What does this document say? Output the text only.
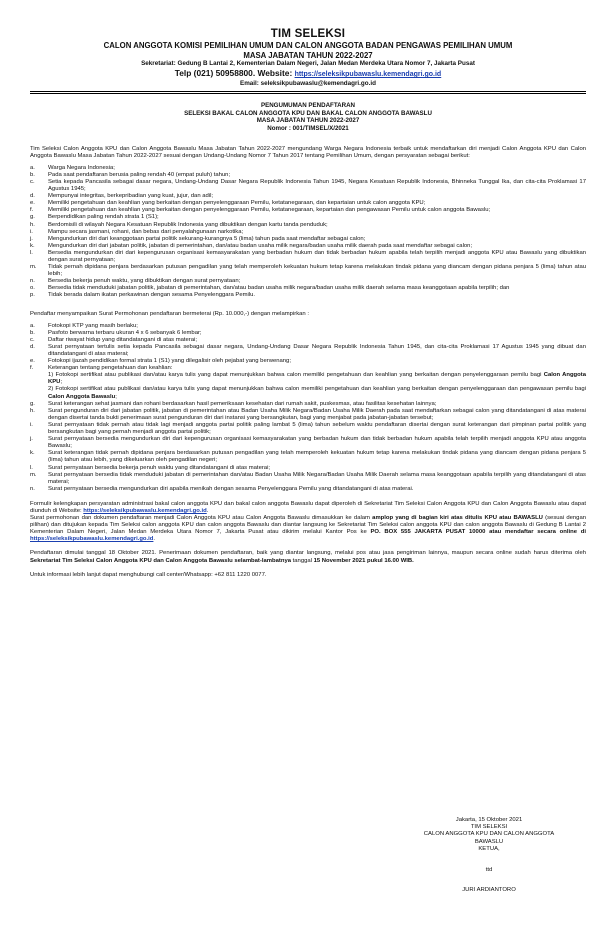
TIM SELEKSI
CALON ANGGOTA KOMISI PEMILIHAN UMUM DAN CALON ANGGOTA BADAN PENGAWAS PEMILIHAN UMUM
MASA JABATAN TAHUN 2022-2027
Sekretariat: Gedung B Lantai 2, Kementerian Dalam Negeri, Jalan Medan Merdeka Utara Nomor 7, Jakarta Pusat
Telp (021) 50958800. Website: https://seleksikpubawaslu.kemendagri.go.id
Email: seleksikpubawaslu@kemendagri.go.id
PENGUMUMAN PENDAFTARAN
SELEKSI BAKAL CALON ANGGOTA KPU DAN BAKAL CALON ANGGOTA BAWASLU
MASA JABATAN TAHUN 2022-2027
Nomor : 001/TIMSEL/X/2021
Tim Seleksi Calon Anggota KPU dan Calon Anggota Bawaslu Masa Jabatan Tahun 2022-2027 mengundang Warga Negara Indonesia terbaik untuk mendaftarkan diri menjadi Calon Anggota KPU dan Calon Anggota Bawaslu Masa Jabatan Tahun 2022-2027 sesuai dengan Undang-Undang Nomor 7 Tahun 2017 tentang Pemilihan Umum, dengan persyaratan sebagai berikut:
a.	Warga Negara Indonesia;
b.	Pada saat pendaftaran berusia paling rendah 40 (empat puluh) tahun;
c.	Setia kepada Pancasila sebagai dasar negara, Undang-Undang Dasar Negara Republik Indonesia Tahun 1945, Negara Kesatuan Republik Indonesia, Bhinneka Tunggal Ika, dan cita-cita Proklamasi 17 Agustus 1945;
d.	Mempunyai integritas, berkepribadian yang kuat, jujur, dan adil;
e.	Memiliki pengetahuan dan keahlian yang berkaitan dengan penyelenggaraan Pemilu, ketatanegaraan, dan kepartaian untuk calon anggota KPU;
f.	Memiliki pengetahuan dan keahlian yang berkaitan dengan penyelenggaraan Pemilu, ketatanegaraan, kepartaian dan pengawasan Pemilu untuk calon anggota Bawaslu;
g.	Berpendidikan paling rendah strata 1 (S1);
h.	Berdomisili di wilayah Negara Kesatuan Republik Indonesia yang dibuktikan dengan kartu tanda penduduk;
i.	Mampu secara jasmani, rohani, dan bebas dari penyalahgunaan narkotika;
j.	Mengundurkan diri dari keanggotaan partai politik sekurang-kurangnya 5 (lima) tahun pada saat mendaftar sebagai calon;
k.	Mengundurkan diri dari jabatan politik, jabatan di pemerintahan, dan/atau badan usaha milik negara/badan usaha milik daerah pada saat mendaftar sebagai calon;
l.	Bersedia mengundurkan diri dari kepengurusan organisasi kemasyarakatan yang berbadan hukum dan tidak berbadan hukum apabila telah terpilih menjadi anggota KPU atau Bawaslu yang dibuktikan dengan surat pernyataan;
m.	Tidak pernah dipidana penjara berdasarkan putusan pengadilan yang telah memperoleh kekuatan hukum tetap karena melakukan tindak pidana yang diancam dengan pidana penjara 5 (lima) tahun atau lebih;
n.	Bersedia bekerja penuh waktu, yang dibuktikan dengan surat pernyataan;
o.	Bersedia tidak menduduki jabatan politik, jabatan di pemerintahan, dan/atau badan usaha milik negara/badan usaha milik daerah selama masa keanggotaan apabila terpilih; dan
p.	Tidak berada dalam ikatan perkawinan dengan sesama Penyelenggara Pemilu.
Pendaftar menyampaikan Surat Permohonan pendaftaran bermeterai (Rp. 10.000,-) dengan melampirkan :
a.	Fotokopi KTP yang masih berlaku;
b.	Pasfoto berwarna terbaru ukuran 4 x 6 sebanyak 6 lembar;
c.	Daftar riwayat hidup yang ditandatangani di atas materai;
d.	Surat pernyataan tertulis setia kepada Pancasila sebagai dasar negara, Undang-Undang Dasar Negara Republik Indonesia Tahun 1945, dan cita-cita Proklamasi 17 Agustus 1945 yang dibuat dan ditandatangani di atas materai;
e.	Fotokopi ijazah pendidikan formal strata 1 (S1) yang dilegalisir oleh pejabat yang berwenang;
f.	Keterangan tentang pengetahuan dan keahlian:
1) Fotokopi sertifikat atau publikasi dan/atau karya tulis yang dapat menunjukkan bahwa calon memiliki pengetahuan dan keahlian yang berkaitan dengan penyelenggaraan pemilu bagi Calon Anggota KPU;
2) Fotokopi sertifikat atau publikasi dan/atau karya tulis yang dapat menunjukkan bahwa calon memiliki pengetahuan dan keahlian yang berkaitan dengan penyelenggaraan dan pengawasan pemilu bagi Calon Anggota Bawaslu;
g.	Surat keterangan sehat jasmani dan rohani berdasarkan hasil pemeriksaan kesehatan dari rumah sakit, puskesmas, atau fasilitas kesehatan lainnya;
h.	Surat pengunduran diri dari jabatan politik, jabatan di pemerintahan atau Badan Usaha Milik Negara/Badan Usaha Milik Daerah pada saat mendaftarkan sebagai calon yang ditandatangani di atas materai dengan disertai tanda bukti penerimaan surat pengunduran diri dari instansi yang bersangkutan, bagi yang menjabat pada jabatan-jabatan tersebut;
i.	Surat pernyataan tidak pernah atau tidak lagi menjadi anggota partai politik paling lambat 5 (lima) tahun sebelum waktu pendaftaran disertai dengan surat keterangan dari pimpinan partai politik yang bersangkutan bagi yang pernah menjadi anggota partai politik;
j.	Surat pernyataan bersedia mengundurkan diri dari kepengurusan organisasi kemasyarakatan yang berbadan hukum dan tidak berbadan hukum apabila telah terpilih menjadi anggota KPU atau anggota Bawaslu;
k.	Surat keterangan tidak pernah dipidana penjara berdasarkan putusan pengadilan yang telah memperoleh kekuatan hukum tetap karena melakukan tindak pidana yang diancam dengan pidana penjara 5 (lima) tahun atau lebih, yang dikeluarkan oleh pengadilan negeri;
l.	Surat pernyataan bersedia bekerja penuh waktu yang ditandatangani di atas materai;
m.	Surat pernyataan bersedia tidak menduduki jabatan di pemerintahan dan/atau Badan Usaha Milik Negara/Badan Usaha Milik Daerah selama masa keanggotaan apabila terpilih yang ditandatangani di atas materai;
n.	Surat pernyataan bersedia mengundurkan diri apabila menikah dengan sesama Penyelenggara Pemilu yang ditandatangani di atas materai.
Formulir kelengkapan persyaratan administrasi bakal calon anggota KPU dan bakal calon anggota Bawaslu dapat diperoleh di Sekretariat Tim Seleksi Calon Anggota KPU dan Calon Anggota Bawaslu atau dapat diunduh di Website: https://seleksikpubawaslu.kemendagri.go.id.
Surat permohonan dan dokumen pendaftaran menjadi Calon Anggota KPU atau Calon Anggota Bawaslu dimasukkan ke dalam amplop yang di bagian kiri atas ditulis KPU atau BAWASLU (sesuai dengan pilihan) dan ditujukan kepada Tim Seleksi calon anggota KPU dan calon anggota Bawaslu dan diantar langsung ke Sekretariat Tim Seleksi calon anggota KPU dan calon anggota Bawaslu di Gedung B Lantai 2 Kementerian Dalam Negeri, Jalan Medan Merdeka Utara Nomor 7, Jakarta Pusat atau dikirim melalui Kantor Pos ke PO. BOX 555 JAKARTA PUSAT 10000 atau mendaftar secara online di https://seleksikpubawaslu.kemendagri.go.id.
Pendaftaran dimulai tanggal 18 Oktober 2021. Penerimaan dokumen pendaftaran, baik yang diantar langsung, melalui pos atau jasa pengiriman lainnya, maupun secara online sudah harus diterima oleh Sekretariat Tim Seleksi Calon Anggota KPU dan Calon Anggota Bawaslu selambat-lambatnya tanggal 15 November 2021 pukul 16.00 WIB.
Untuk informasi lebih lanjut dapat menghubungi call center/Whatsapp: +62 811 1220 0077.
Jakarta, 15 Oktober 2021
TIM SELEKSI
CALON ANGGOTA KPU DAN CALON ANGGOTA BAWASLU
KETUA,
ttd
JURI ARDIANTORO
